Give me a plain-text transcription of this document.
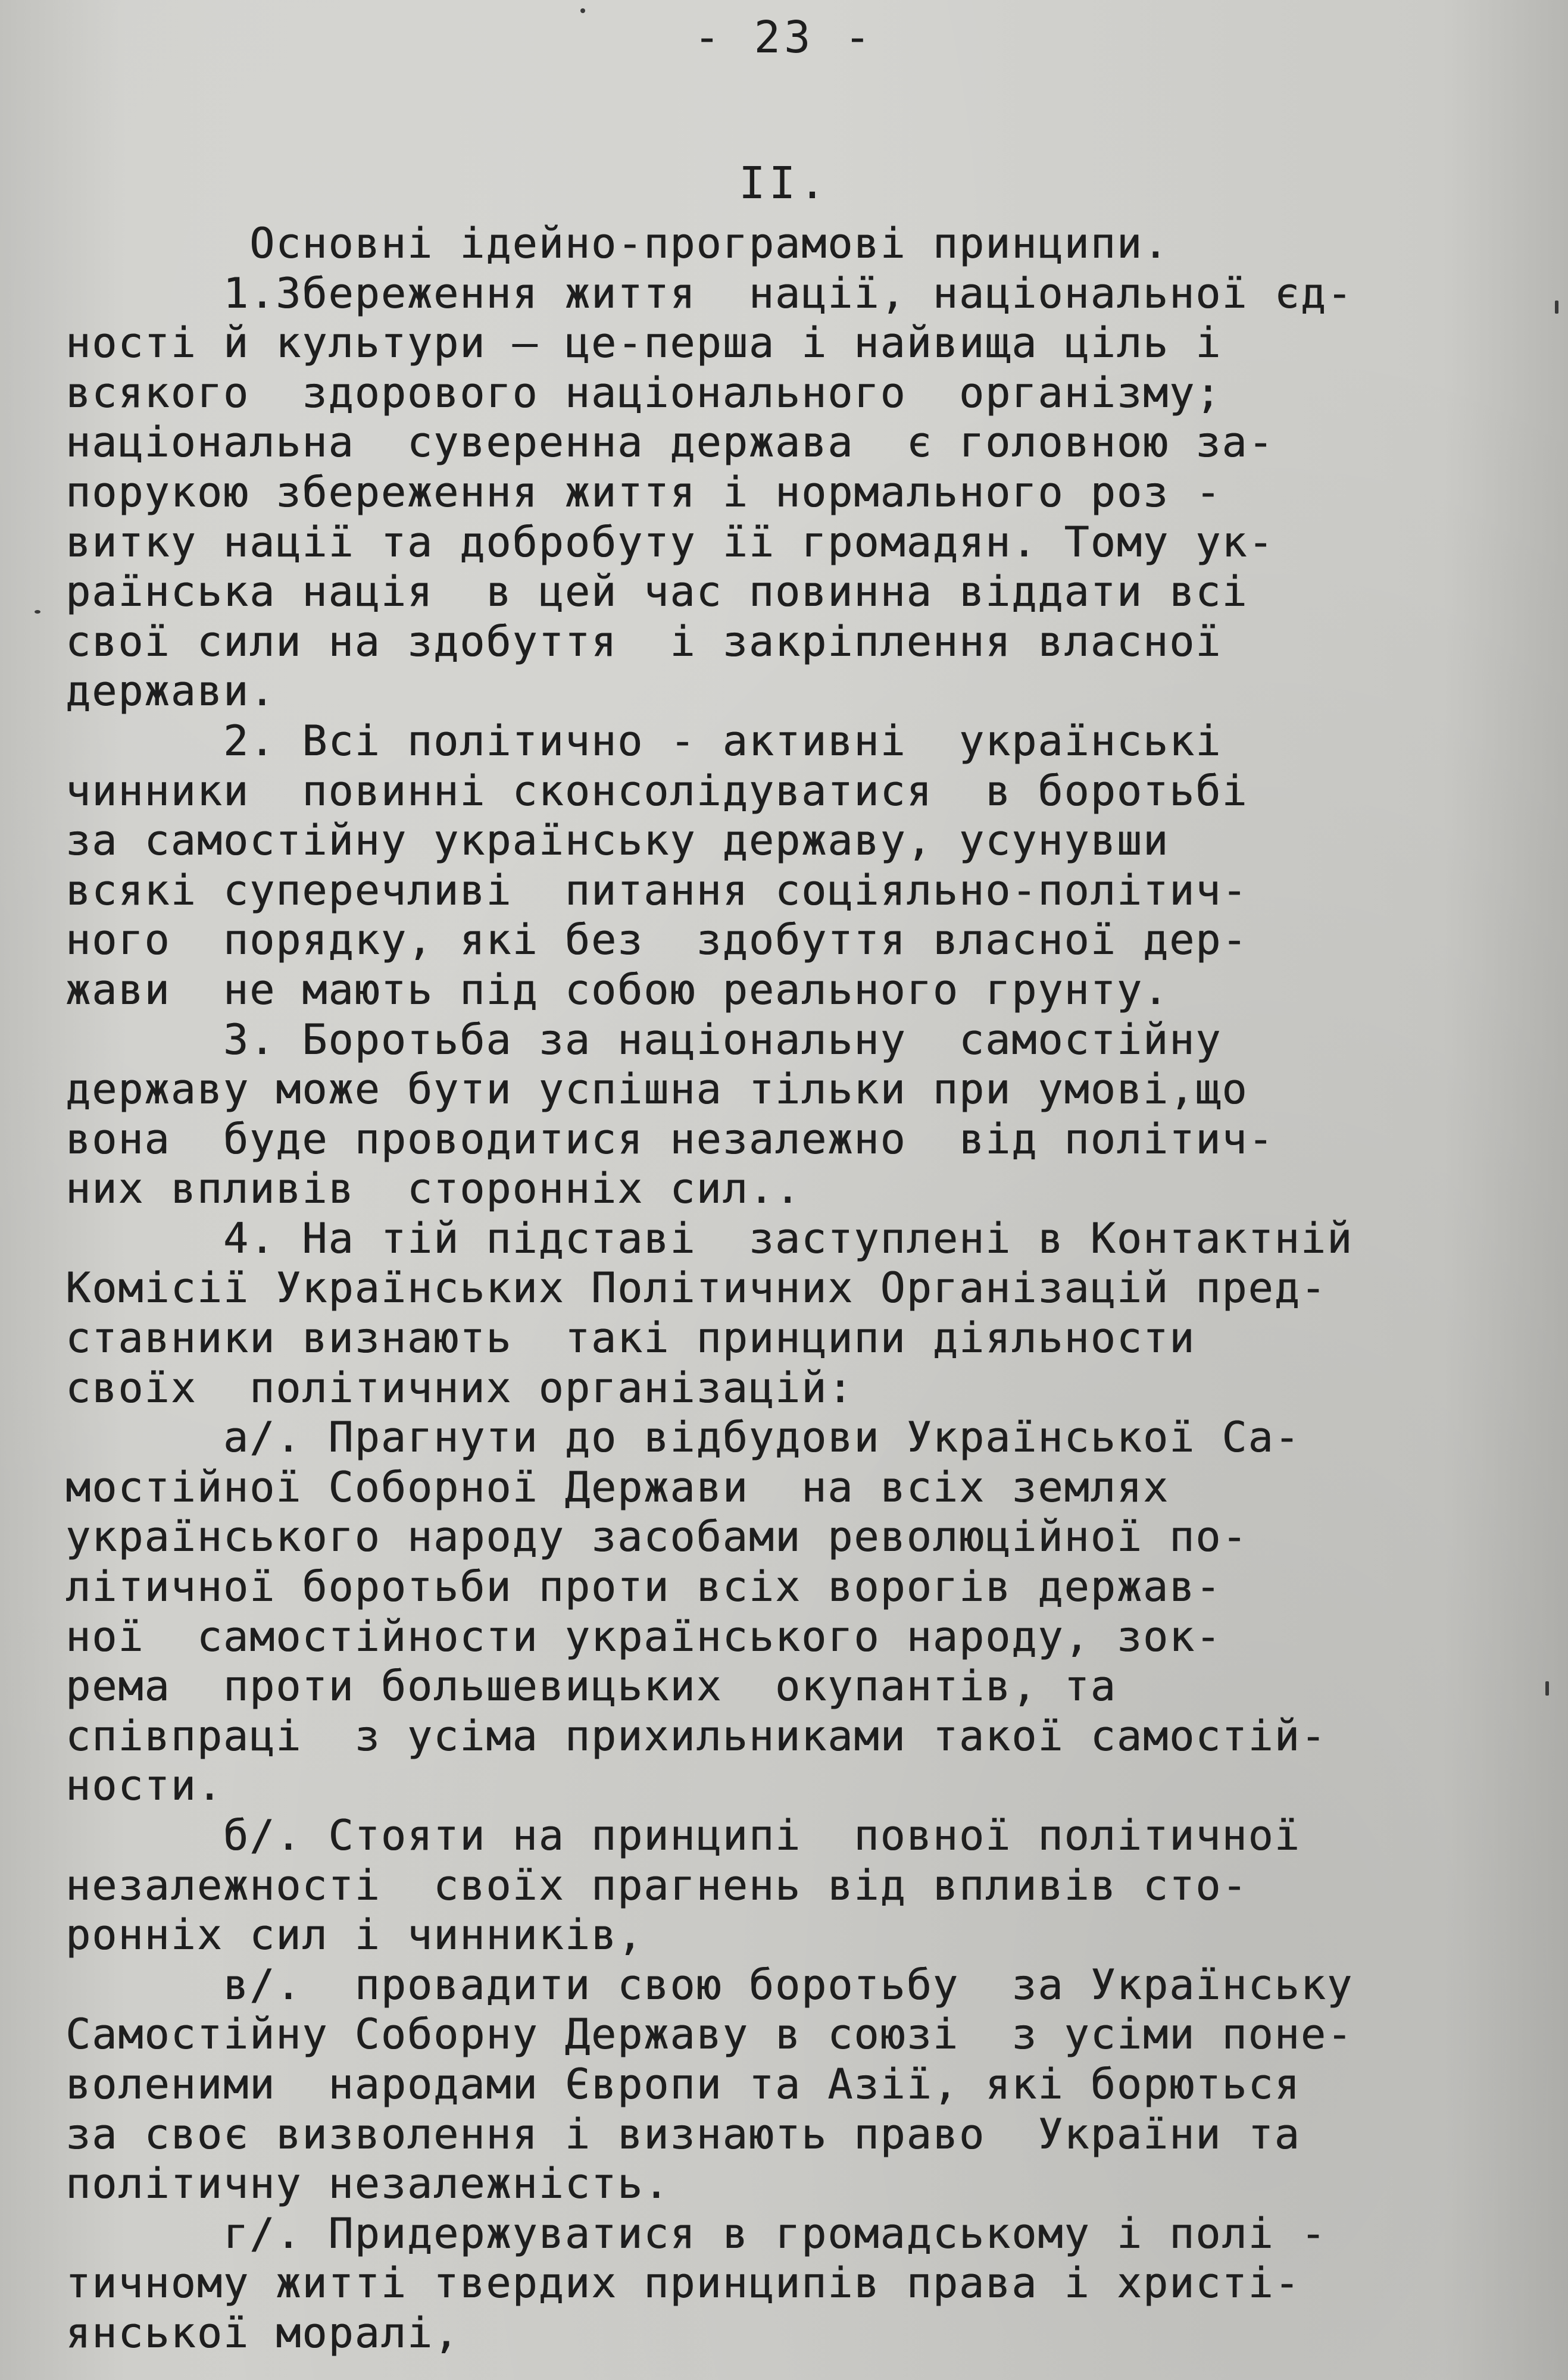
- 23 -
II.
Основні ідейно-програмові принципи.
1.Збереження життя  нації, національної єд-
ності й культури – це-перша і найвища ціль і
всякого  здорового національного  організму;
національна  суверенна держава  є головною за-
порукою збереження життя і нормального роз -
витку нації та добробуту її громадян. Тому ук-
раїнська нація  в цей час повинна віддати всі
свої сили на здобуття  і закріплення власної
держави.
2. Всі політично - активні  українські
чинники  повинні сконсолідуватися  в боротьбі
за самостійну українську державу, усунувши
всякі суперечливі  питання соціяльно-політич-
ного  порядку, які без  здобуття власної дер-
жави  не мають під собою реального грунту.
3. Боротьба за національну  самостійну
державу може бути успішна тільки при умові,що
вона  буде проводитися незалежно  від політич-
них впливів  сторонніх сил..
4. На тій підставі  заступлені в Контактній
Комісії Українських Політичних Організацій пред-
ставники визнають  такі принципи діяльности
своїх  політичних організацій:
а/. Прагнути до відбудови Української Са-
мостійної Соборної Держави  на всіх землях
українського народу засобами революційної по-
літичної боротьби проти всіх ворогів держав-
ної  самостійности українського народу, зок-
рема  проти большевицьких  окупантів, та
співпраці  з усіма прихильниками такої самостій-
ности.
б/. Стояти на принципі  повної політичної
незалежності  своїх прагнень від впливів сто-
ронніх сил і чинників,
в/.  провадити свою боротьбу  за Українську
Самостійну Соборну Державу в союзі  з усіми поне-
воленими  народами Європи та Азії, які борються
за своє визволення і визнають право  України та
політичну незалежність.
г/. Придержуватися в громадському і полі -
тичному житті твердих принципів права і христі-
янської моралі,
